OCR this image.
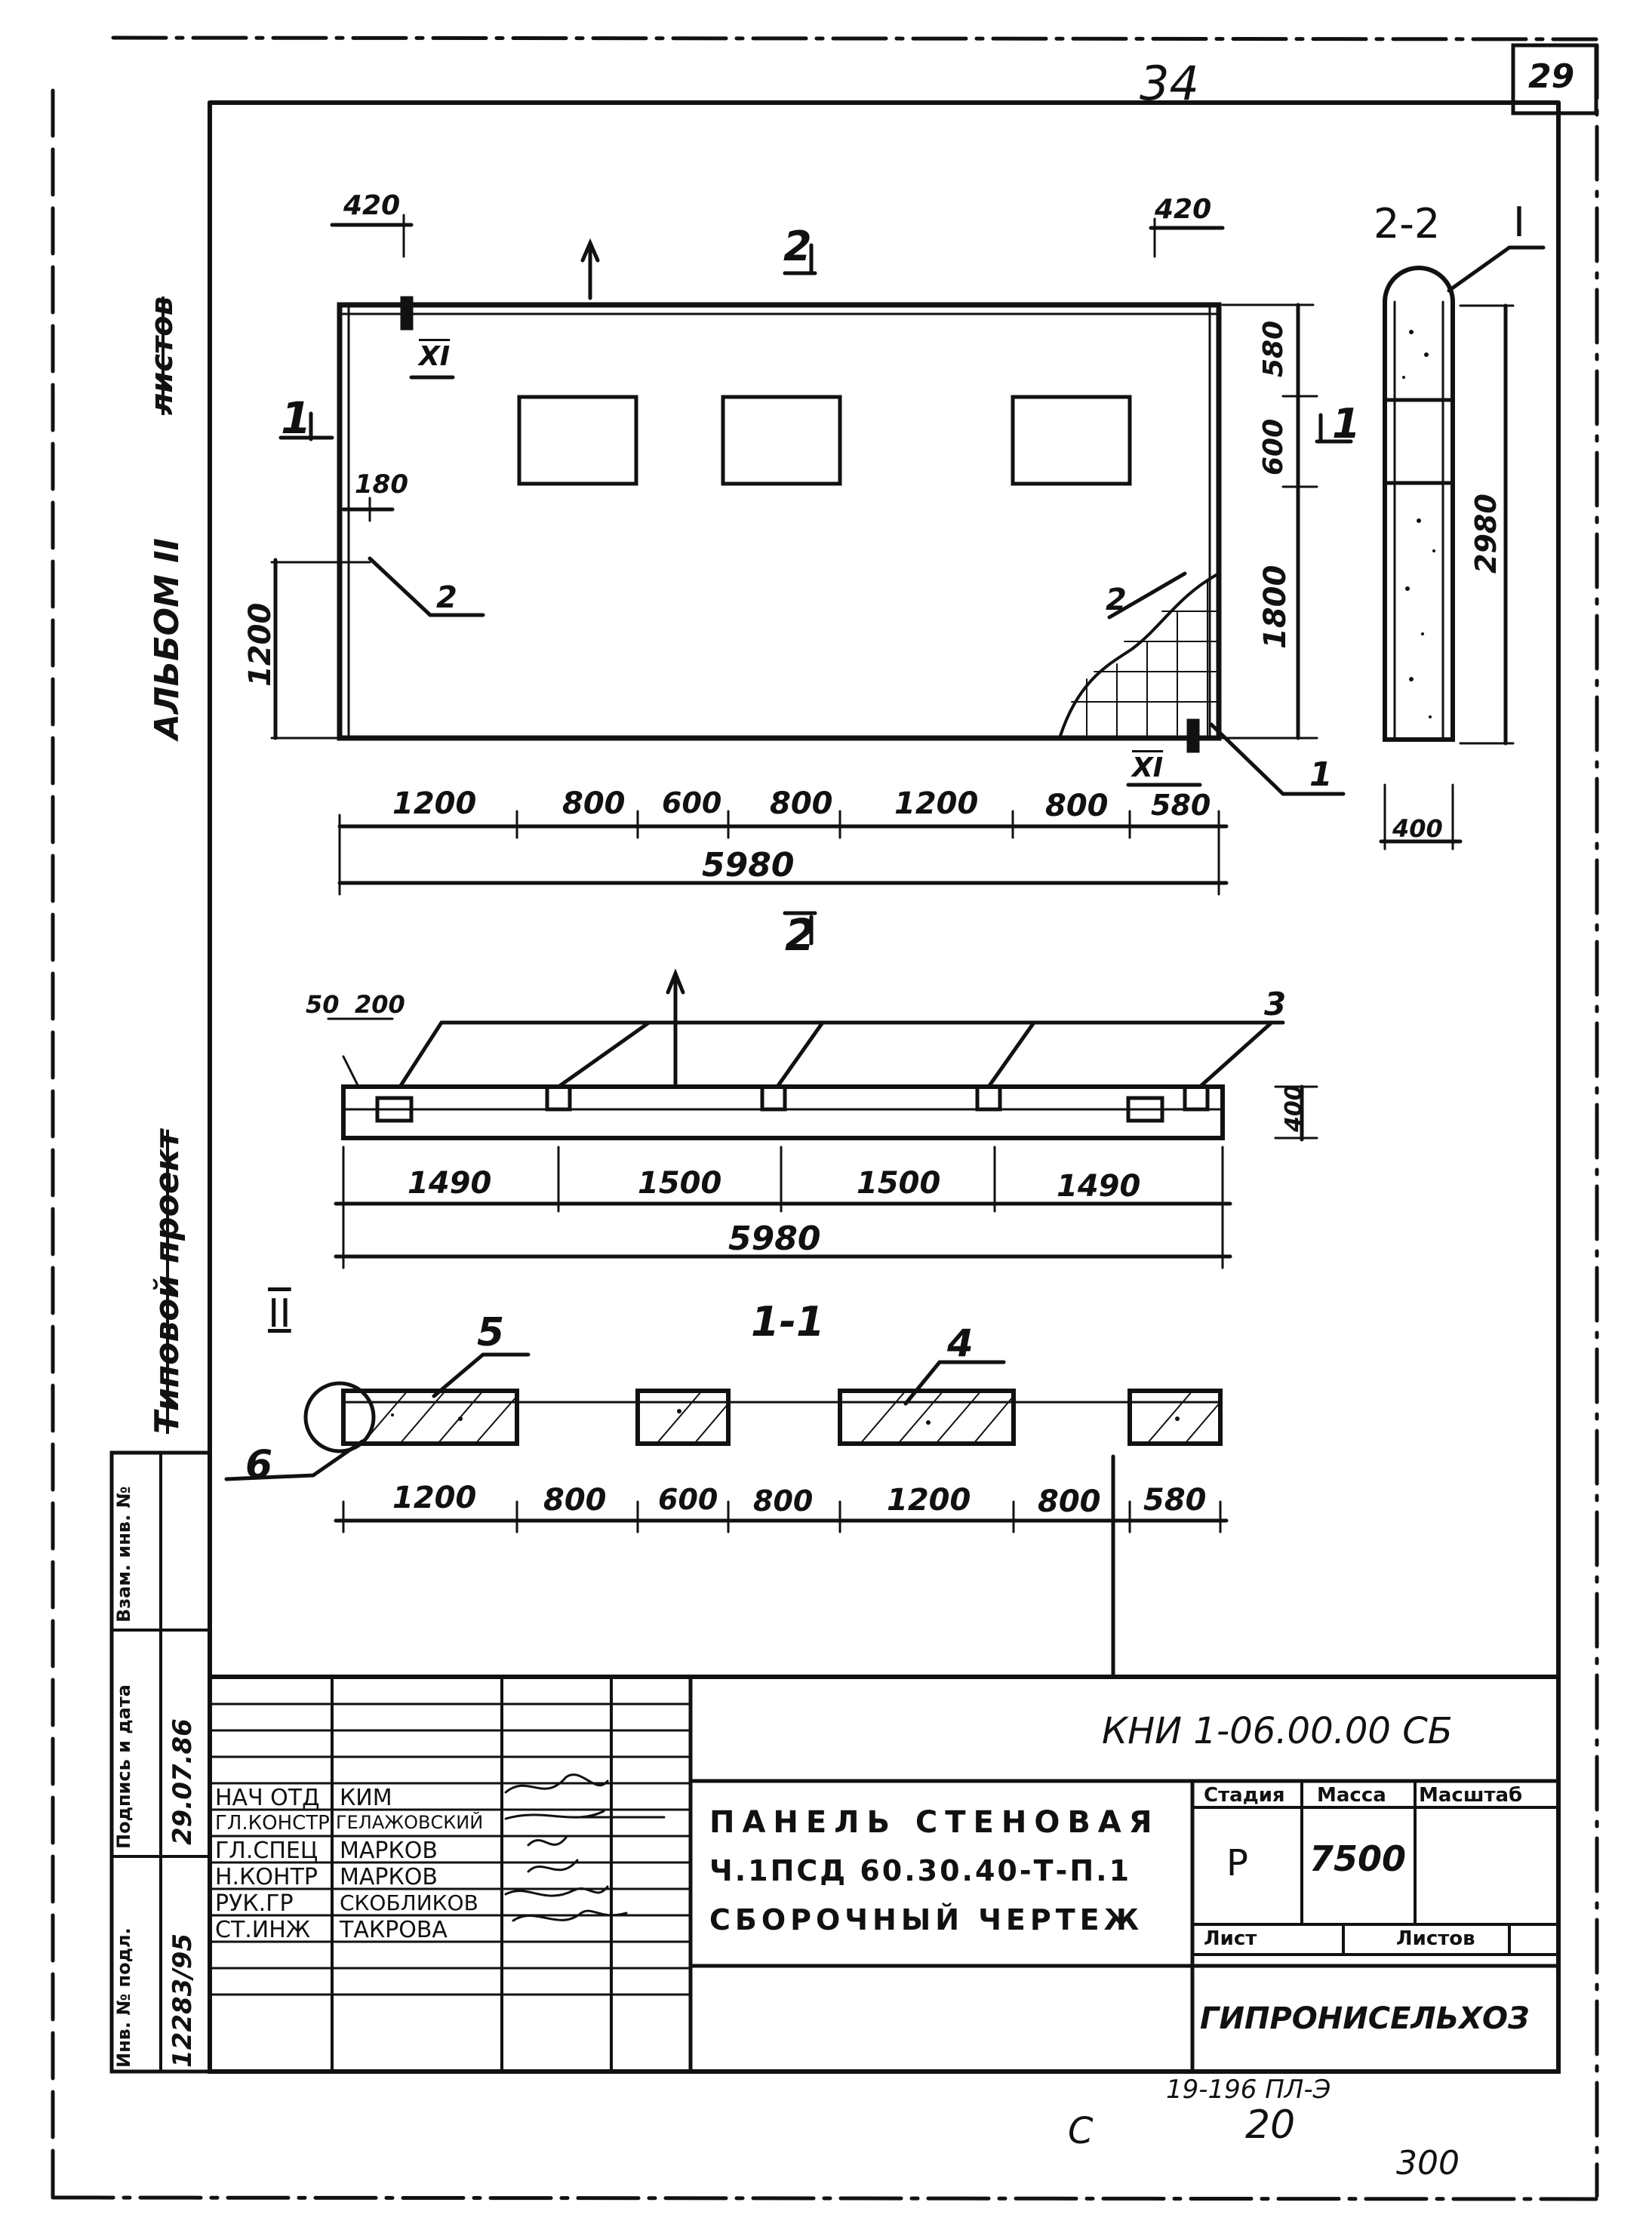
34	29
420	420
2
$\overline{XI}$
1
180
2	2
1
$\overline{XI}$
1
1200
580
600
1800
1200	800 600 800 1200 800 580
5980
2-2 I
2980
400
2
50 200	3
400
1490	1500	1500	1490
5980
1-1
II	5	4
6
1200 800 600 800 1200 800 580
АЛЬБОМ II
листов
Типовой проект
Инв. № подл.
Подпись и дата
Взам. инв. №
12283/95
29.07.86	КНИ 1-06.00.00 СБ
ПАНЕЛЬ СТЕНОВАЯ
Ч.1ПСД 60.30.40-Т-П.1
СБОРОЧНЫЙ ЧЕРТЕЖ
Стадия Масса Масштаб
Р 7500
Лист	Листов
ГИПРОНИСЕЛЬХОЗ
НАЧ ОТД КИМ
ГЛ.КОНСТР ГЕЛАЖОВСКИЙ
ГЛ.СПЕЦ МАРКОВ
Н.КОНТР МАРКОВ
РУК.ГР СКОБЛИКОВ
СТ.ИНЖ ТАКРОВА
19-196 ПЛ-Э
С	20
300
